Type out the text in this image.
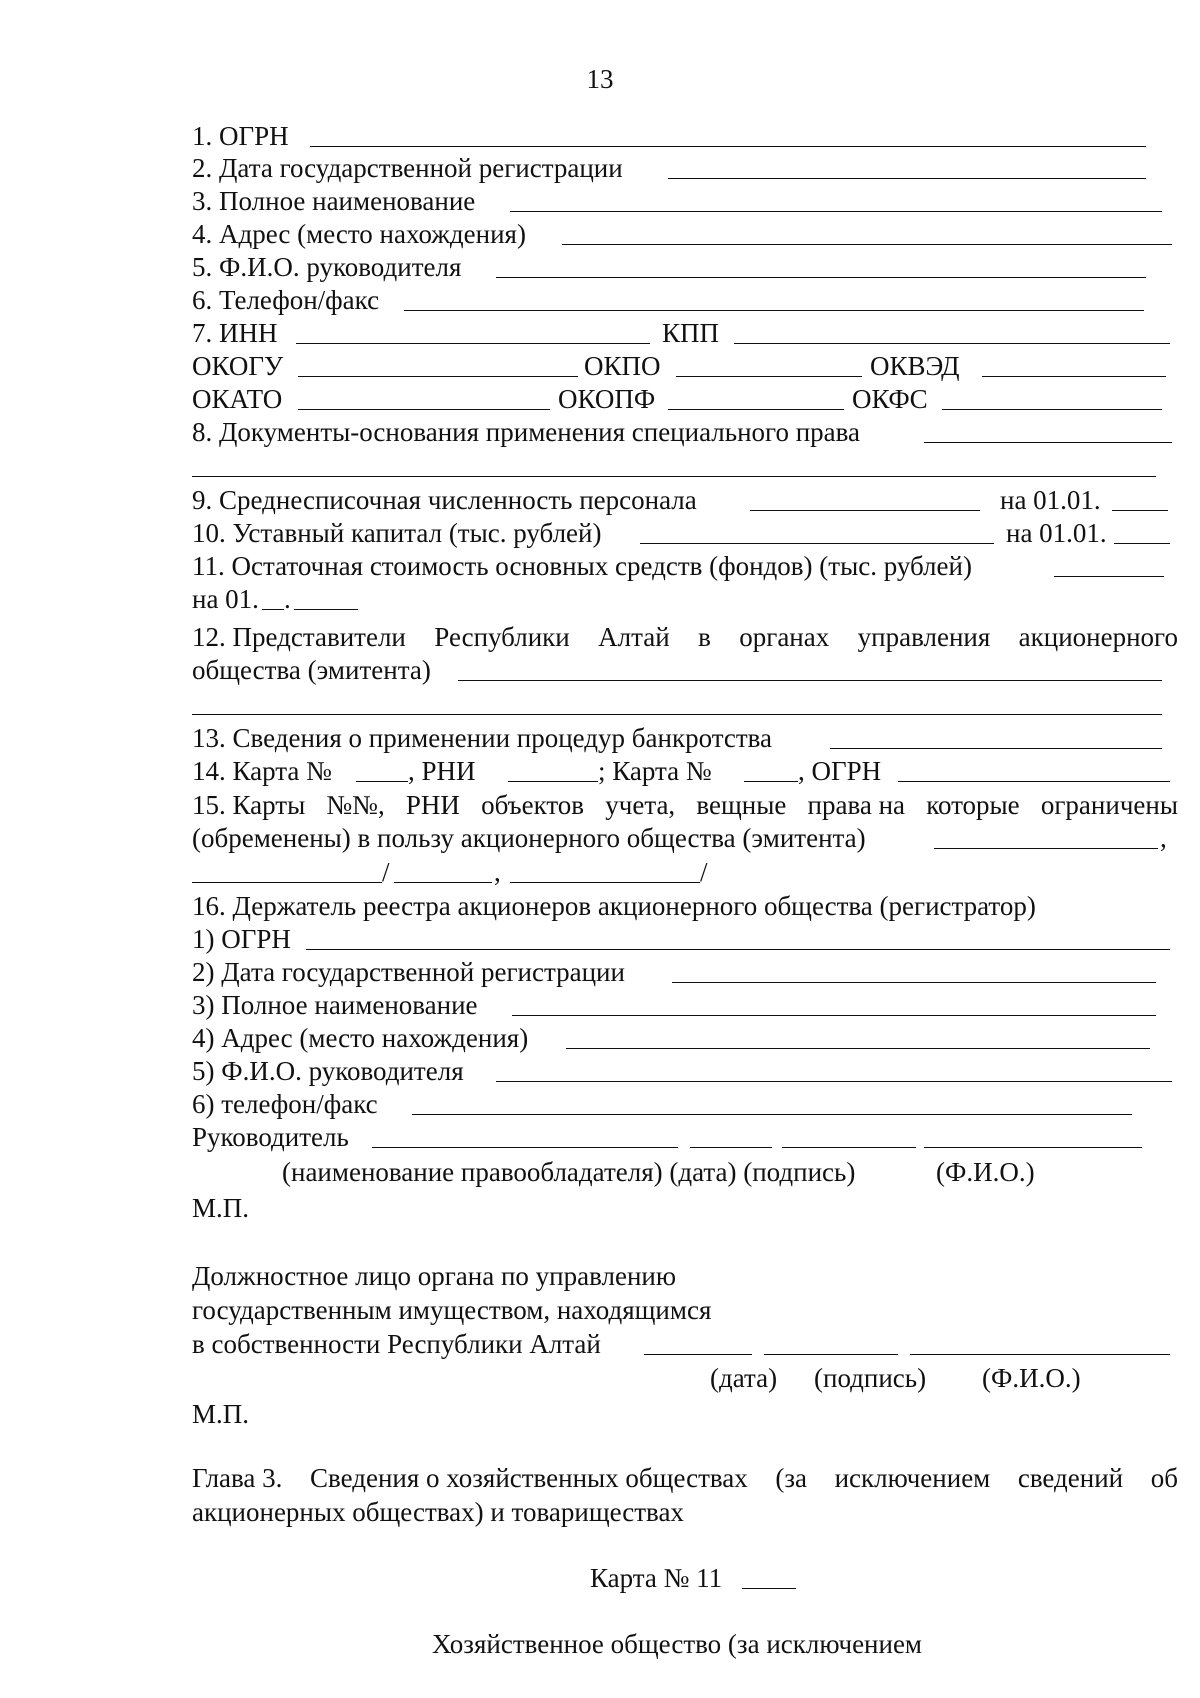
13
1. ОГРН
2. Дата государственной регистрации
3. Полное наименование
4. Адрес (место нахождения)
5. Ф.И.О. руководителя
6. Телефон/факс
7. ИНН	КПП
ОКОГУ	ОКПО	ОКВЭД
ОКАТО	ОКОПФ	ОКФС
8. Документы-основания применения специального права
9. Среднесписочная численность персонала	на 01.01.
10. Уставный капитал (тыс. рублей)	на 01.01.
11. Остаточная стоимость основных средств (фондов) (тыс. рублей)
на 01. .
12. Представители Республики Алтай в органах управления акционерного
общества (эмитента)
13. Сведения о применении процедур банкротства
14. Карта №	, РНИ	; Карта №	, ОГРН
15. Карты №№, РНИ объектов учета, вещные права на которые ограничены
(обременены) в пользу акционерного общества (эмитента)	,
/	,	/
16. Держатель реестра акционеров акционерного общества (регистратор)
1) ОГРН
2) Дата государственной регистрации
3) Полное наименование
4) Адрес (место нахождения)
5) Ф.И.О. руководителя
6) телефон/факс
Руководитель
(наименование правообладателя) (дата) (подпись)	(Ф.И.О.)
М.П.
Должностное лицо органа по управлению
государственным имуществом, находящимся
в собственности Республики Алтай
(дата) (подпись) (Ф.И.О.)
М.П.
Глава 3. Сведения о хозяйственных обществах (за исключением сведений об
акционерных обществах) и товариществах
Карта № 11
Хозяйственное общество (за исключением
